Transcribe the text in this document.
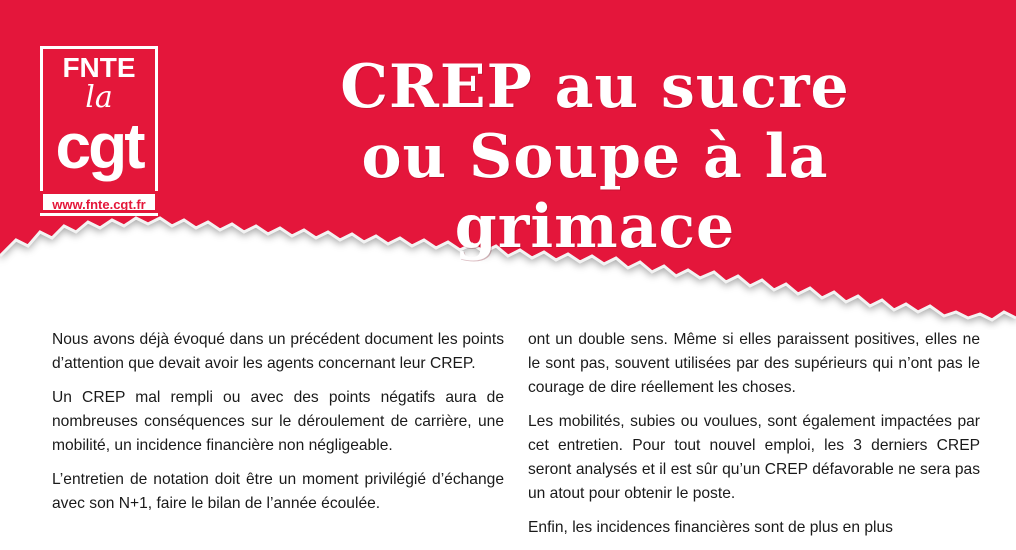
FNTE
la
cgt
www.fnte.cgt.fr
CREP au sucre
ou Soupe à la
grimace

Nous avons déjà évoqué dans un précédent document les points d’attention que devait avoir les agents concernant leur CREP.

Un CREP mal rempli ou avec des points négatifs aura de nombreuses conséquences sur le déroulement de carrière, une mobilité, un incidence financière non négligeable.

L’entretien de notation doit être un moment privilégié d’échange avec son N+1, faire le bilan de l’année écoulée.

ont un double sens. Même si elles paraissent positives, elles ne le sont pas, souvent utilisées par des supérieurs qui n’ont pas le courage de dire réellement les choses.

Les mobilités, subies ou voulues, sont également impactées par cet entretien. Pour tout nouvel emploi, les 3 derniers CREP seront analysés et il est sûr qu’un CREP défavorable ne sera pas un atout pour obtenir le poste.

Enfin, les incidences financières sont de plus en plus
